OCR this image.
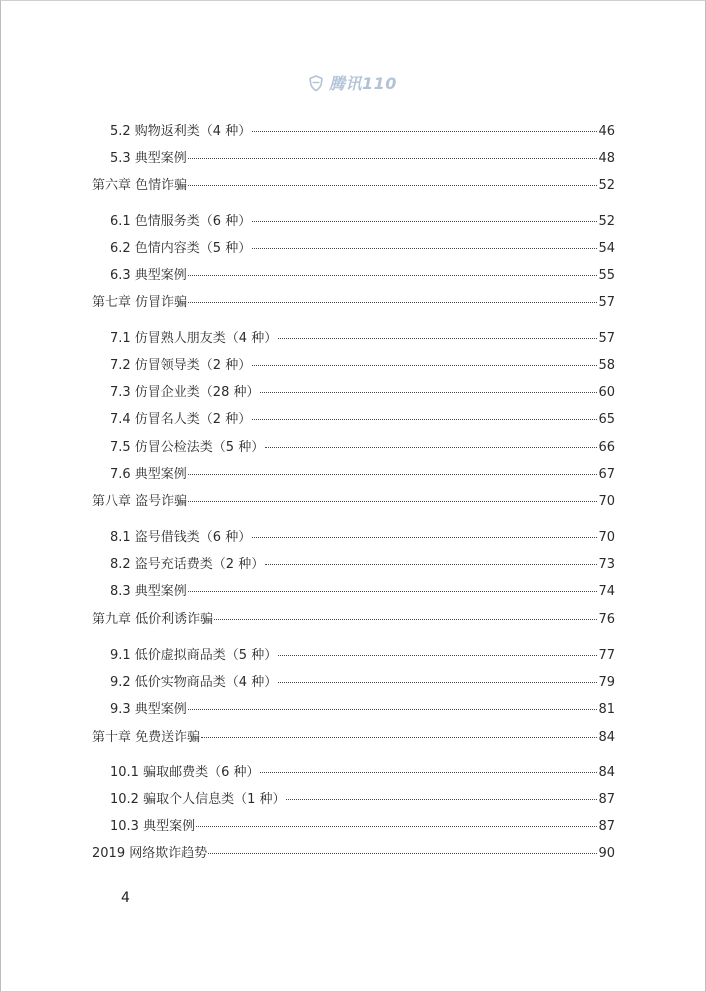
腾讯110
5.2 购物返利类（4 种）	46
5.3 典型案例	48
第六章 色情诈骗	52
6.1 色情服务类（6 种）	52
6.2 色情内容类（5 种）	54
6.3 典型案例	55
第七章 仿冒诈骗	57
7.1 仿冒熟人朋友类（4 种）	57
7.2 仿冒领导类（2 种）	58
7.3 仿冒企业类（28 种）	60
7.4 仿冒名人类（2 种）	65
7.5 仿冒公检法类（5 种）	66
7.6 典型案例	67
第八章 盗号诈骗	70
8.1 盗号借钱类（6 种）	70
8.2 盗号充话费类（2 种）	73
8.3 典型案例	74
第九章 低价利诱诈骗	76
9.1 低价虚拟商品类（5 种）	77
9.2 低价实物商品类（4 种）	79
9.3 典型案例	81
第十章 免费送诈骗	84
10.1 骗取邮费类（6 种）	84
10.2 骗取个人信息类（1 种）	87
10.3 典型案例	87
2019 网络欺诈趋势	90
4
